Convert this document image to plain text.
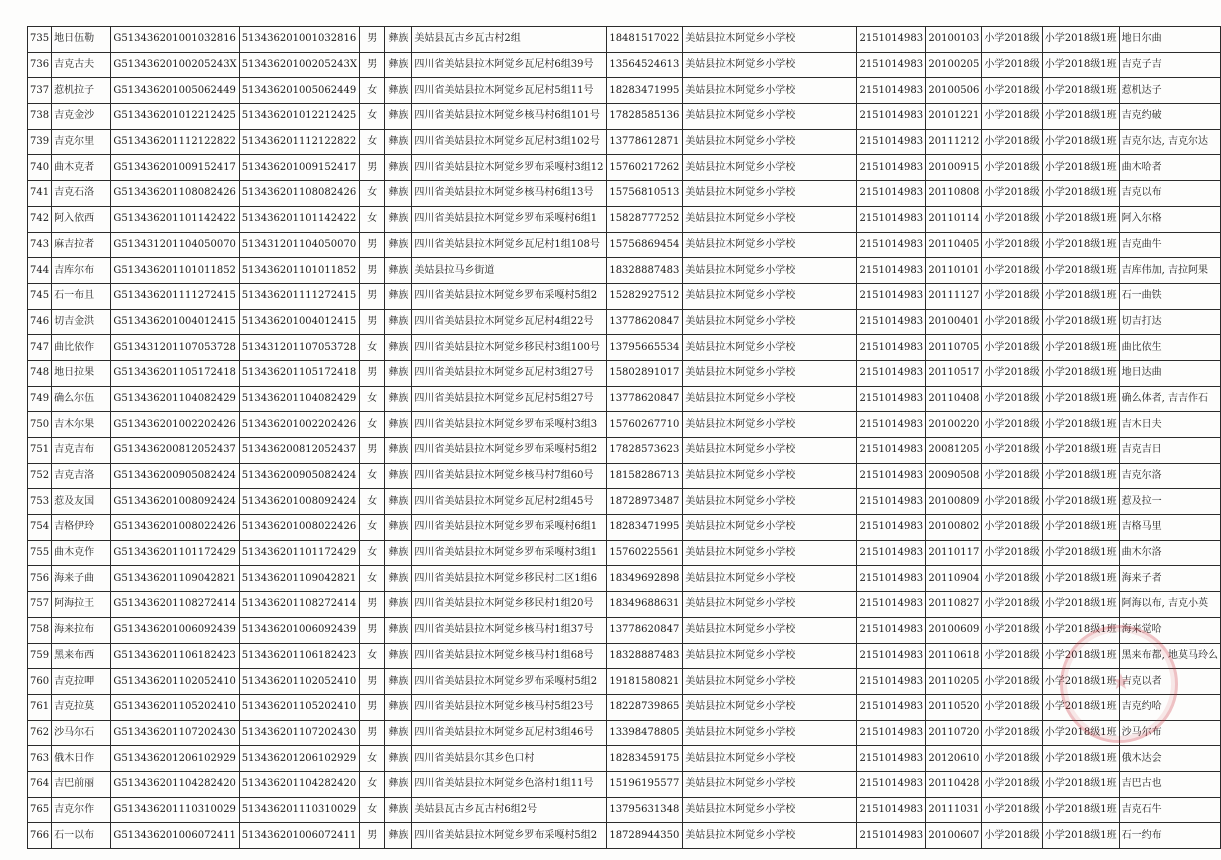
735	地日伍勒	G513436201001032816	513436201001032816	男	彝族	美姑县瓦古乡瓦古村2组	18481517022	美姑县拉木阿觉乡小学校	2151014983	20100103	小学2018级	小学2018级1班	地日尔曲
736	吉克古夫	G51343620100205243X	51343620100205243X	男	彝族	四川省美姑县拉木阿觉乡瓦尼村6组39号	13564524613	美姑县拉木阿觉乡小学校	2151014983	20100205	小学2018级	小学2018级1班	吉克子吉
737	惹机拉子	G513436201005062449	513436201005062449	女	彝族	四川省美姑县拉木阿觉乡瓦尼村5组11号	18283471995	美姑县拉木阿觉乡小学校	2151014983	20100506	小学2018级	小学2018级1班	惹机达子
738	吉克金沙	G513436201012212425	513436201012212425	女	彝族	四川省美姑县拉木阿觉乡核马村6组101号	17828585136	美姑县拉木阿觉乡小学校	2151014983	20101221	小学2018级	小学2018级1班	吉克约破
739	吉克尔里	G513436201112122822	513436201112122822	女	彝族	四川省美姑县拉木阿觉乡瓦尼村3组102号	13778612871	美姑县拉木阿觉乡小学校	2151014983	20111212	小学2018级	小学2018级1班	吉克尔达, 吉克尔达
740	曲木克者	G513436201009152417	513436201009152417	男	彝族	四川省美姑县拉木阿觉乡罗布采嘎村3组12	15760217262	美姑县拉木阿觉乡小学校	2151014983	20100915	小学2018级	小学2018级1班	曲木哈者
741	吉克石洛	G513436201108082426	513436201108082426	女	彝族	四川省美姑县拉木阿觉乡核马村6组13号	15756810513	美姑县拉木阿觉乡小学校	2151014983	20110808	小学2018级	小学2018级1班	吉克以布
742	阿入依西	G513436201101142422	513436201101142422	女	彝族	四川省美姑县拉木阿觉乡罗布采嘎村6组1	15828777252	美姑县拉木阿觉乡小学校	2151014983	20110114	小学2018级	小学2018级1班	阿入尔格
743	麻吉拉者	G513431201104050070	513431201104050070	男	彝族	四川省美姑县拉木阿觉乡瓦尼村1组108号	15756869454	美姑县拉木阿觉乡小学校	2151014983	20110405	小学2018级	小学2018级1班	吉克曲牛
744	吉库尔布	G513436201101011852	513436201101011852	男	彝族	美姑县拉马乡街道	18328887483	美姑县拉木阿觉乡小学校	2151014983	20110101	小学2018级	小学2018级1班	吉库伟加, 吉拉阿果
745	石一布且	G513436201111272415	513436201111272415	男	彝族	四川省美姑县拉木阿觉乡罗布采嘎村5组2	15282927512	美姑县拉木阿觉乡小学校	2151014983	20111127	小学2018级	小学2018级1班	石一曲铁
746	切吉金洪	G513436201004012415	513436201004012415	男	彝族	四川省美姑县拉木阿觉乡瓦尼村4组22号	13778620847	美姑县拉木阿觉乡小学校	2151014983	20100401	小学2018级	小学2018级1班	切吉打达
747	曲比依作	G513431201107053728	513431201107053728	女	彝族	四川省美姑县拉木阿觉乡移民村3组100号	13795665534	美姑县拉木阿觉乡小学校	2151014983	20110705	小学2018级	小学2018级1班	曲比依生
748	地日拉果	G513436201105172418	513436201105172418	男	彝族	四川省美姑县拉木阿觉乡瓦尼村3组27号	15802891017	美姑县拉木阿觉乡小学校	2151014983	20110517	小学2018级	小学2018级1班	地日达曲
749	确么尔伍	G513436201104082429	513436201104082429	女	彝族	四川省美姑县拉木阿觉乡瓦尼村5组27号	13778620847	美姑县拉木阿觉乡小学校	2151014983	20110408	小学2018级	小学2018级1班	确么体者, 吉吉作石
750	吉木尔果	G513436201002202426	513436201002202426	女	彝族	四川省美姑县拉木阿觉乡罗布采嘎村3组3	15760267710	美姑县拉木阿觉乡小学校	2151014983	20100220	小学2018级	小学2018级1班	吉木日夫
751	吉克吉布	G513436200812052437	513436200812052437	男	彝族	四川省美姑县拉木阿觉乡罗布采嘎村5组2	17828573623	美姑县拉木阿觉乡小学校	2151014983	20081205	小学2018级	小学2018级1班	吉克吉日
752	吉克吉洛	G513436200905082424	513436200905082424	女	彝族	四川省美姑县拉木阿觉乡核马村7组60号	18158286713	美姑县拉木阿觉乡小学校	2151014983	20090508	小学2018级	小学2018级1班	吉克尔洛
753	惹及友国	G513436201008092424	513436201008092424	女	彝族	四川省美姑县拉木阿觉乡瓦尼村2组45号	18728973487	美姑县拉木阿觉乡小学校	2151014983	20100809	小学2018级	小学2018级1班	惹及拉一
754	吉格伊玲	G513436201008022426	513436201008022426	女	彝族	四川省美姑县拉木阿觉乡罗布采嘎村6组1	18283471995	美姑县拉木阿觉乡小学校	2151014983	20100802	小学2018级	小学2018级1班	吉格马里
755	曲木克作	G513436201101172429	513436201101172429	女	彝族	四川省美姑县拉木阿觉乡罗布采嘎村3组1	15760225561	美姑县拉木阿觉乡小学校	2151014983	20110117	小学2018级	小学2018级1班	曲木尔洛
756	海来子曲	G513436201109042821	513436201109042821	女	彝族	四川省美姑县拉木阿觉乡移民村二区1组6	18349692898	美姑县拉木阿觉乡小学校	2151014983	20110904	小学2018级	小学2018级1班	海来子者
757	阿海拉王	G513436201108272414	513436201108272414	男	彝族	四川省美姑县拉木阿觉乡移民村1组20号	18349688631	美姑县拉木阿觉乡小学校	2151014983	20110827	小学2018级	小学2018级1班	阿海以布, 吉克小英
758	海来拉布	G513436201006092439	513436201006092439	男	彝族	四川省美姑县拉木阿觉乡核马村1组37号	13778620847	美姑县拉木阿觉乡小学校	2151014983	20100609	小学2018级	小学2018级1班	海来觉哈
759	黑来布西	G513436201106182423	513436201106182423	女	彝族	四川省美姑县拉木阿觉乡核马村1组68号	18328887483	美姑县拉木阿觉乡小学校	2151014983	20110618	小学2018级	小学2018级1班	黑来布都, 地莫马玲么
760	吉克拉呷	G513436201102052410	513436201102052410	男	彝族	四川省美姑县拉木阿觉乡罗布采嘎村5组2	19181580821	美姑县拉木阿觉乡小学校	2151014983	20110205	小学2018级	小学2018级1班	吉克以者
761	吉克拉莫	G513436201105202410	513436201105202410	男	彝族	四川省美姑县拉木阿觉乡核马村5组23号	18228739865	美姑县拉木阿觉乡小学校	2151014983	20110520	小学2018级	小学2018级1班	吉克约哈
762	沙马尔石	G513436201107202430	513436201107202430	男	彝族	四川省美姑县拉木阿觉乡瓦尼村3组46号	13398478805	美姑县拉木阿觉乡小学校	2151014983	20110720	小学2018级	小学2018级1班	沙马尔布
763	俄木日作	G513436201206102929	513436201206102929	女	彝族	四川省美姑县尔其乡色口村	18283459175	美姑县拉木阿觉乡小学校	2151014983	20120610	小学2018级	小学2018级1班	俄木达会
764	吉巴前丽	G513436201104282420	513436201104282420	女	彝族	四川省美姑县拉木阿觉乡色洛村1组11号	15196195577	美姑县拉木阿觉乡小学校	2151014983	20110428	小学2018级	小学2018级1班	吉巴古也
765	吉克尔作	G513436201110310029	513436201110310029	女	彝族	美姑县瓦古乡瓦古村6组2号	13795631348	美姑县拉木阿觉乡小学校	2151014983	20111031	小学2018级	小学2018级1班	吉克石牛
766	石一以布	G513436201006072411	513436201006072411	男	彝族	四川省美姑县拉木阿觉乡罗布采嘎村5组2	18728944350	美姑县拉木阿觉乡小学校	2151014983	20100607	小学2018级	小学2018级1班	石一约布
★
